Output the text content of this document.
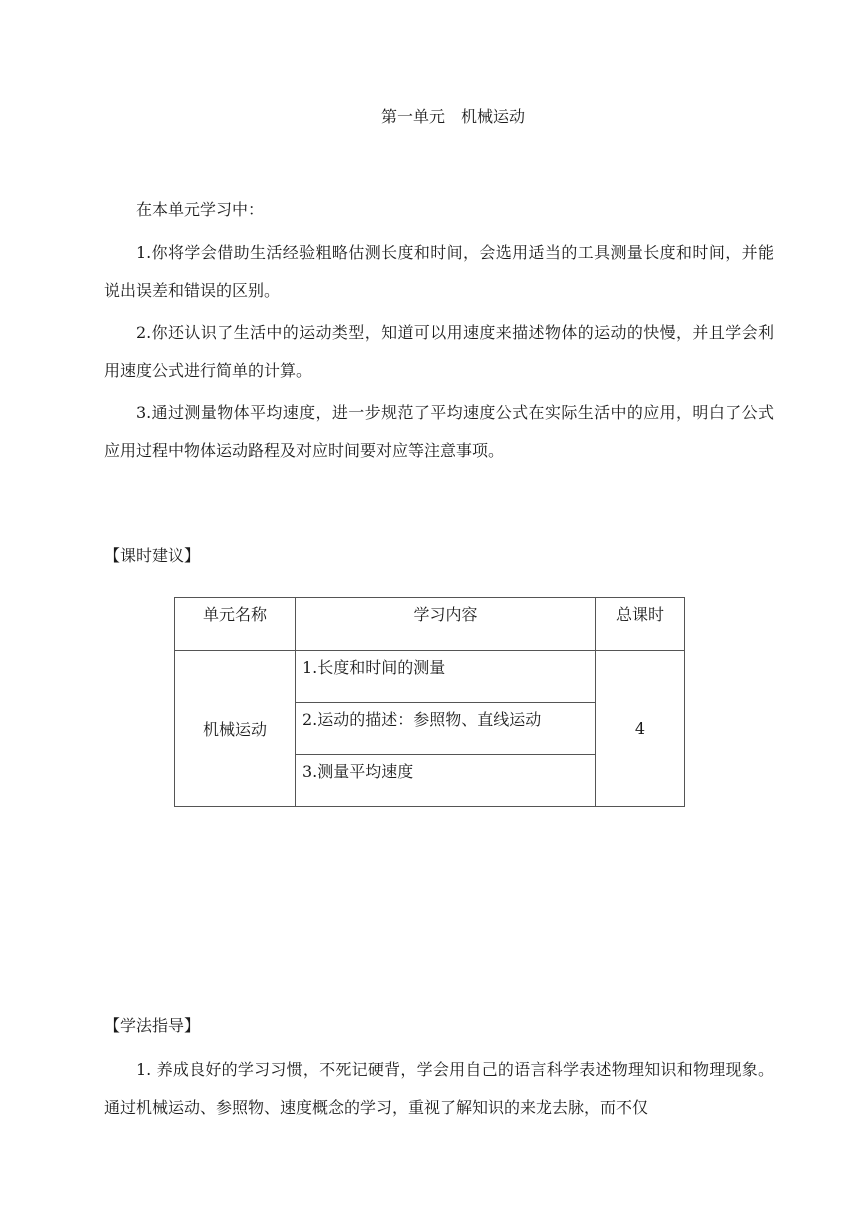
第一单元　机械运动

在本单元学习中：

1.你将学会借助生活经验粗略估测长度和时间，会选用适当的工具测量长度和时间，并能说出误差和错误的区别。

2.你还认识了生活中的运动类型，知道可以用速度来描述物体的运动的快慢，并且学会利用速度公式进行简单的计算。

3.通过测量物体平均速度，进一步规范了平均速度公式在实际生活中的应用，明白了公式应用过程中物体运动路程及对应时间要对应等注意事项。

【课时建议】

单元名称	学习内容	总课时
机械运动	1.长度和时间的测量	4
	2.运动的描述：参照物、直线运动	
	3.测量平均速度	

【学法指导】

1. 养成良好的学习习惯，不死记硬背，学会用自己的语言科学表述物理知识和物理现象。通过机械运动、参照物、速度概念的学习，重视了解知识的来龙去脉，而不仅
